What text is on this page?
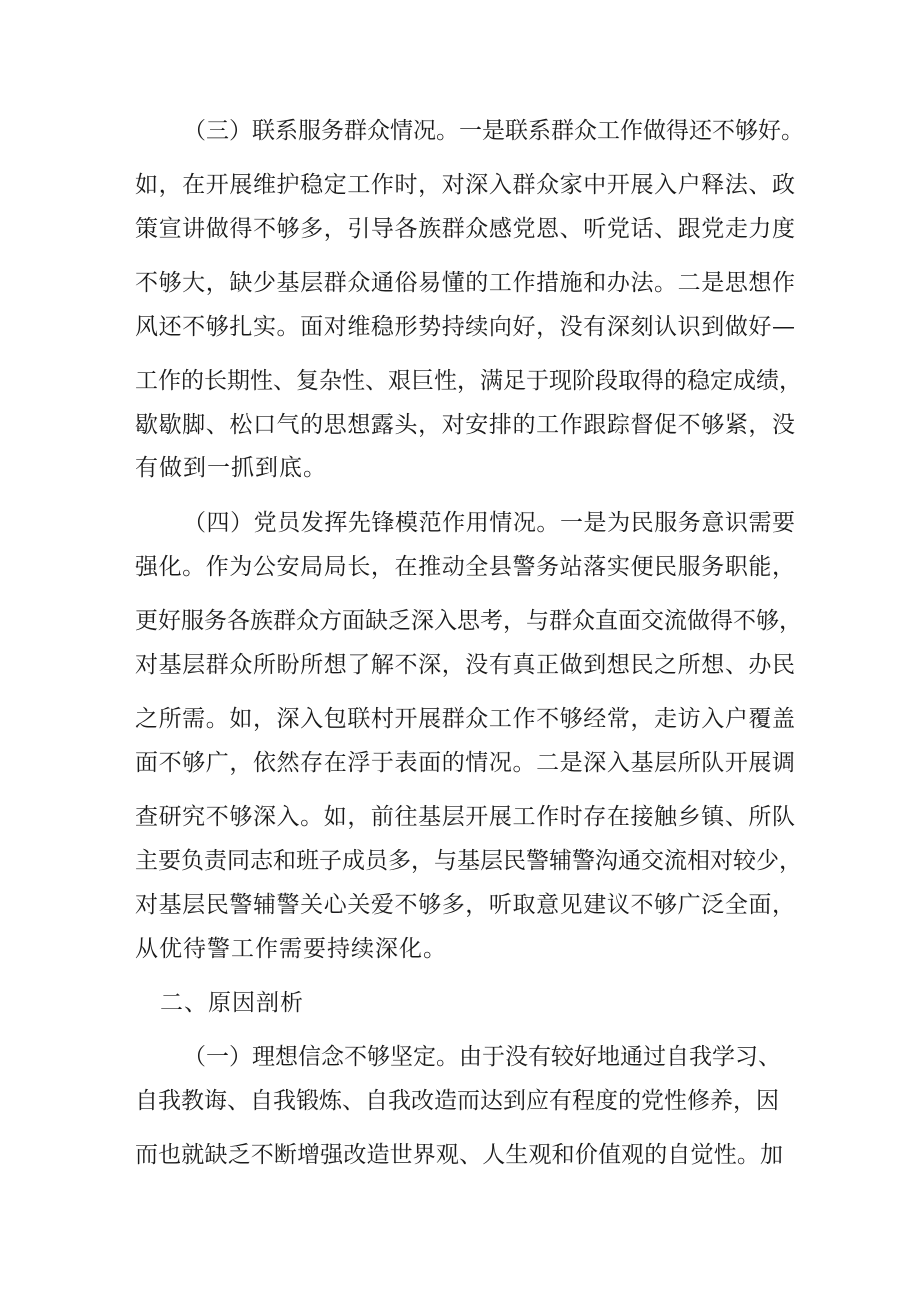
（三）联系服务群众情况。一是联系群众工作做得还不够好。
如，在开展维护稳定工作时，对深入群众家中开展入户释法、政
策宣讲做得不够多，引导各族群众感党恩、听党话、跟党走力度
不够大，缺少基层群众通俗易懂的工作措施和办法。二是思想作
风还不够扎实。面对维稳形势持续向好，没有深刻认识到做好—
工作的长期性、复杂性、艰巨性，满足于现阶段取得的稳定成绩，
歇歇脚、松口气的思想露头，对安排的工作跟踪督促不够紧，没
有做到一抓到底。
（四）党员发挥先锋模范作用情况。一是为民服务意识需要
强化。作为公安局局长，在推动全县警务站落实便民服务职能，
更好服务各族群众方面缺乏深入思考，与群众直面交流做得不够，
对基层群众所盼所想了解不深，没有真正做到想民之所想、办民
之所需。如，深入包联村开展群众工作不够经常，走访入户覆盖
面不够广，依然存在浮于表面的情况。二是深入基层所队开展调
查研究不够深入。如，前往基层开展工作时存在接触乡镇、所队
主要负责同志和班子成员多，与基层民警辅警沟通交流相对较少，
对基层民警辅警关心关爱不够多，听取意见建议不够广泛全面，
从优待警工作需要持续深化。
二、原因剖析
（一）理想信念不够坚定。由于没有较好地通过自我学习、
自我教诲、自我锻炼、自我改造而达到应有程度的党性修养，因
而也就缺乏不断增强改造世界观、人生观和价值观的自觉性。加
